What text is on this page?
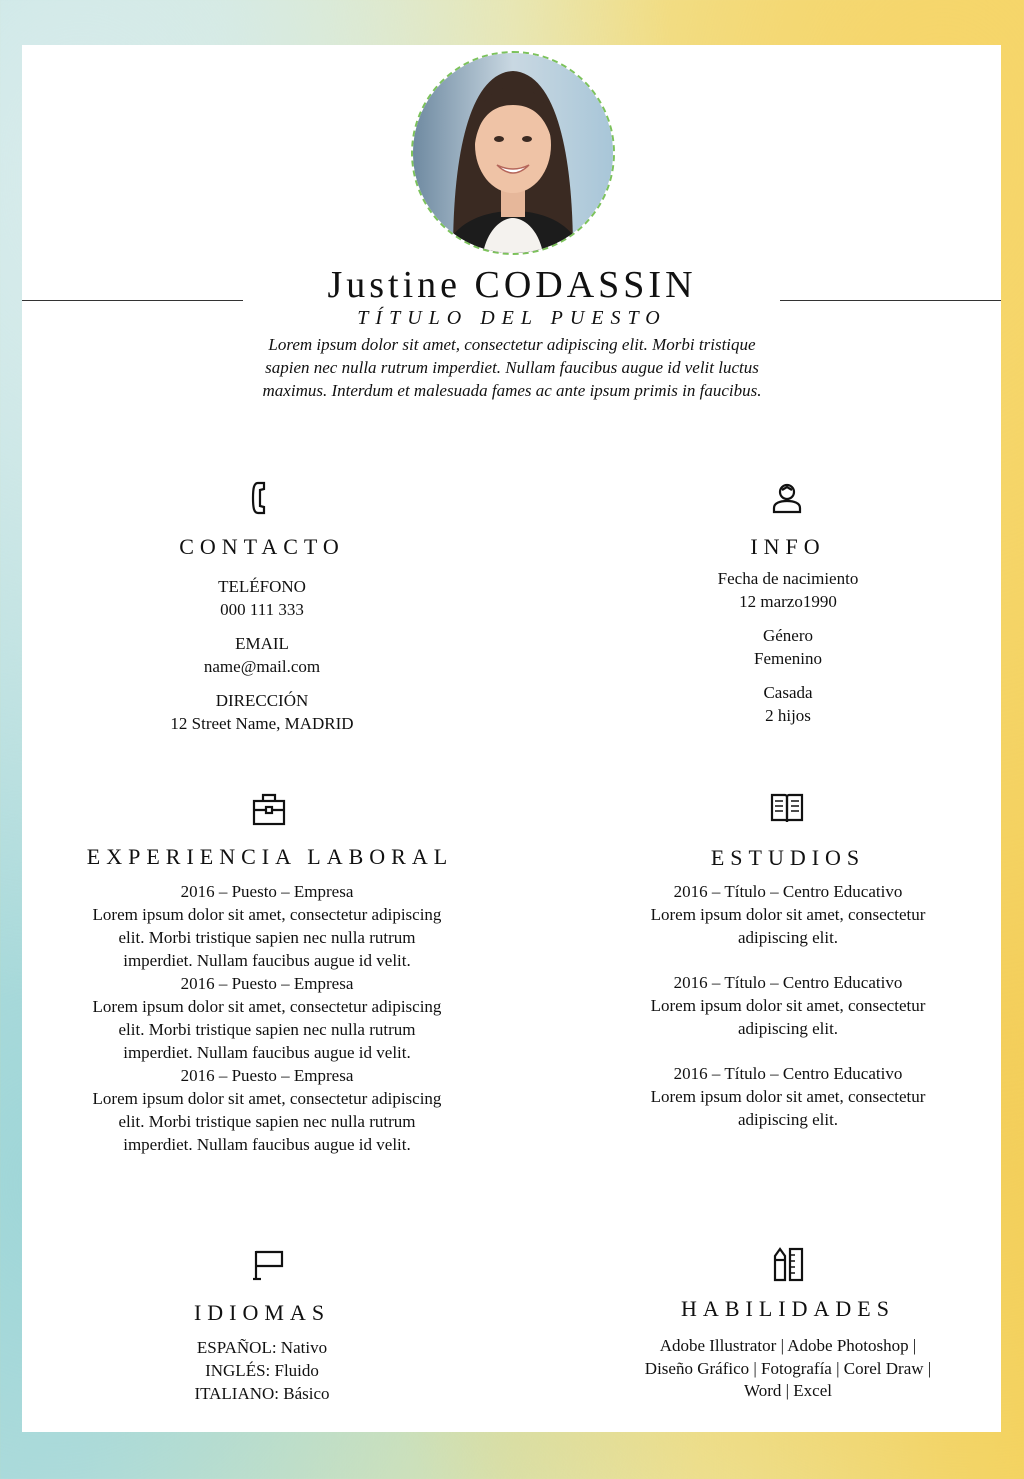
Justine CODASSIN
TÍTULO DEL PUESTO
Lorem ipsum dolor sit amet, consectetur adipiscing elit. Morbi tristique sapien nec nulla rutrum imperdiet. Nullam faucibus augue id velit luctus maximus. Interdum et malesuada fames ac ante ipsum primis in faucibus.
CONTACTO
TELÉFONO
000 111 333
EMAIL
name@mail.com
DIRECCIÓN
12 Street Name, MADRID
INFO
Fecha de nacimiento
12 marzo1990
Género
Femenino
Casada
2 hijos
EXPERIENCIA LABORAL
2016 – Puesto – Empresa
Lorem ipsum dolor sit amet, consectetur adipiscing elit. Morbi tristique sapien nec nulla rutrum imperdiet. Nullam faucibus augue id velit.
2016 – Puesto – Empresa
Lorem ipsum dolor sit amet, consectetur adipiscing elit. Morbi tristique sapien nec nulla rutrum imperdiet. Nullam faucibus augue id velit.
2016 – Puesto – Empresa
Lorem ipsum dolor sit amet, consectetur adipiscing elit. Morbi tristique sapien nec nulla rutrum imperdiet. Nullam faucibus augue id velit.
ESTUDIOS
2016 – Título – Centro Educativo
Lorem ipsum dolor sit amet, consectetur adipiscing elit.
2016 – Título – Centro Educativo
Lorem ipsum dolor sit amet, consectetur adipiscing elit.
2016 – Título – Centro Educativo
Lorem ipsum dolor sit amet, consectetur adipiscing elit.
IDIOMAS
ESPAÑOL: Nativo
INGLÉS: Fluido
ITALIANO: Básico
HABILIDADES
Adobe Illustrator | Adobe Photoshop | Diseño Gráfico | Fotografía | Corel Draw | Word | Excel
